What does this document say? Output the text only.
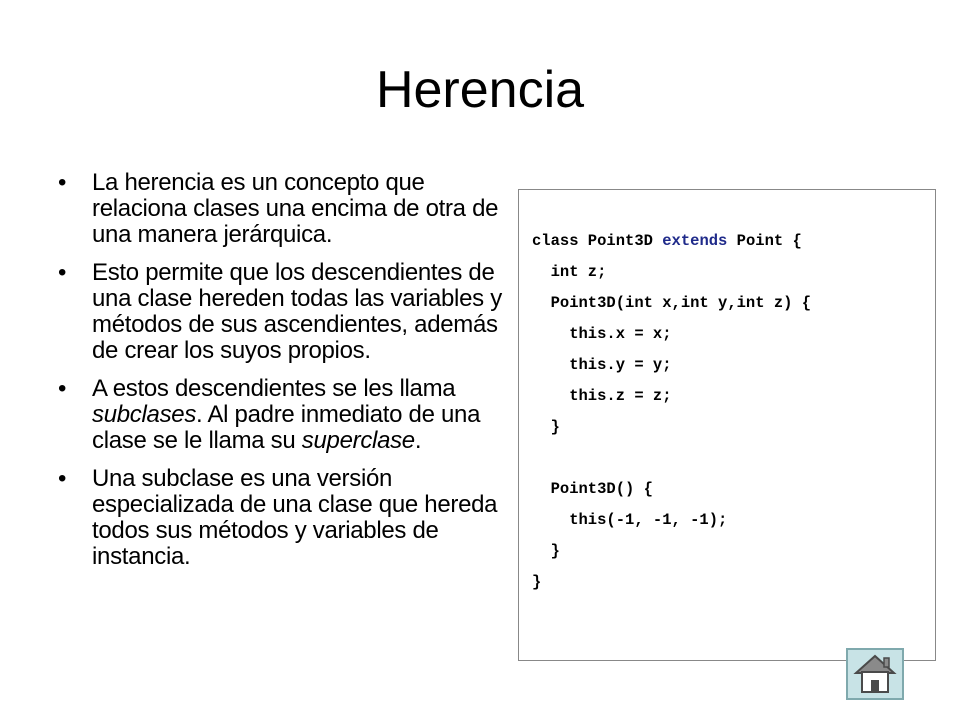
Herencia
• La herencia es un concepto que relaciona clases una encima de otra de una manera jerárquica.
• Esto permite que los descendientes de una clase hereden todas las variables y métodos de sus ascendientes, además de crear los suyos propios.
• A estos descendientes se les llama subclases. Al padre inmediato de una clase se le llama su superclase.
• Una subclase es una versión especializada de una clase que hereda todos sus métodos y variables de instancia.
class Point3D extends Point {
int z;
Point3D(int x,int y,int z) {
this.x = x;
this.y = y;
this.z = z;
}
Point3D() {
this(-1, -1, -1);
}
}
